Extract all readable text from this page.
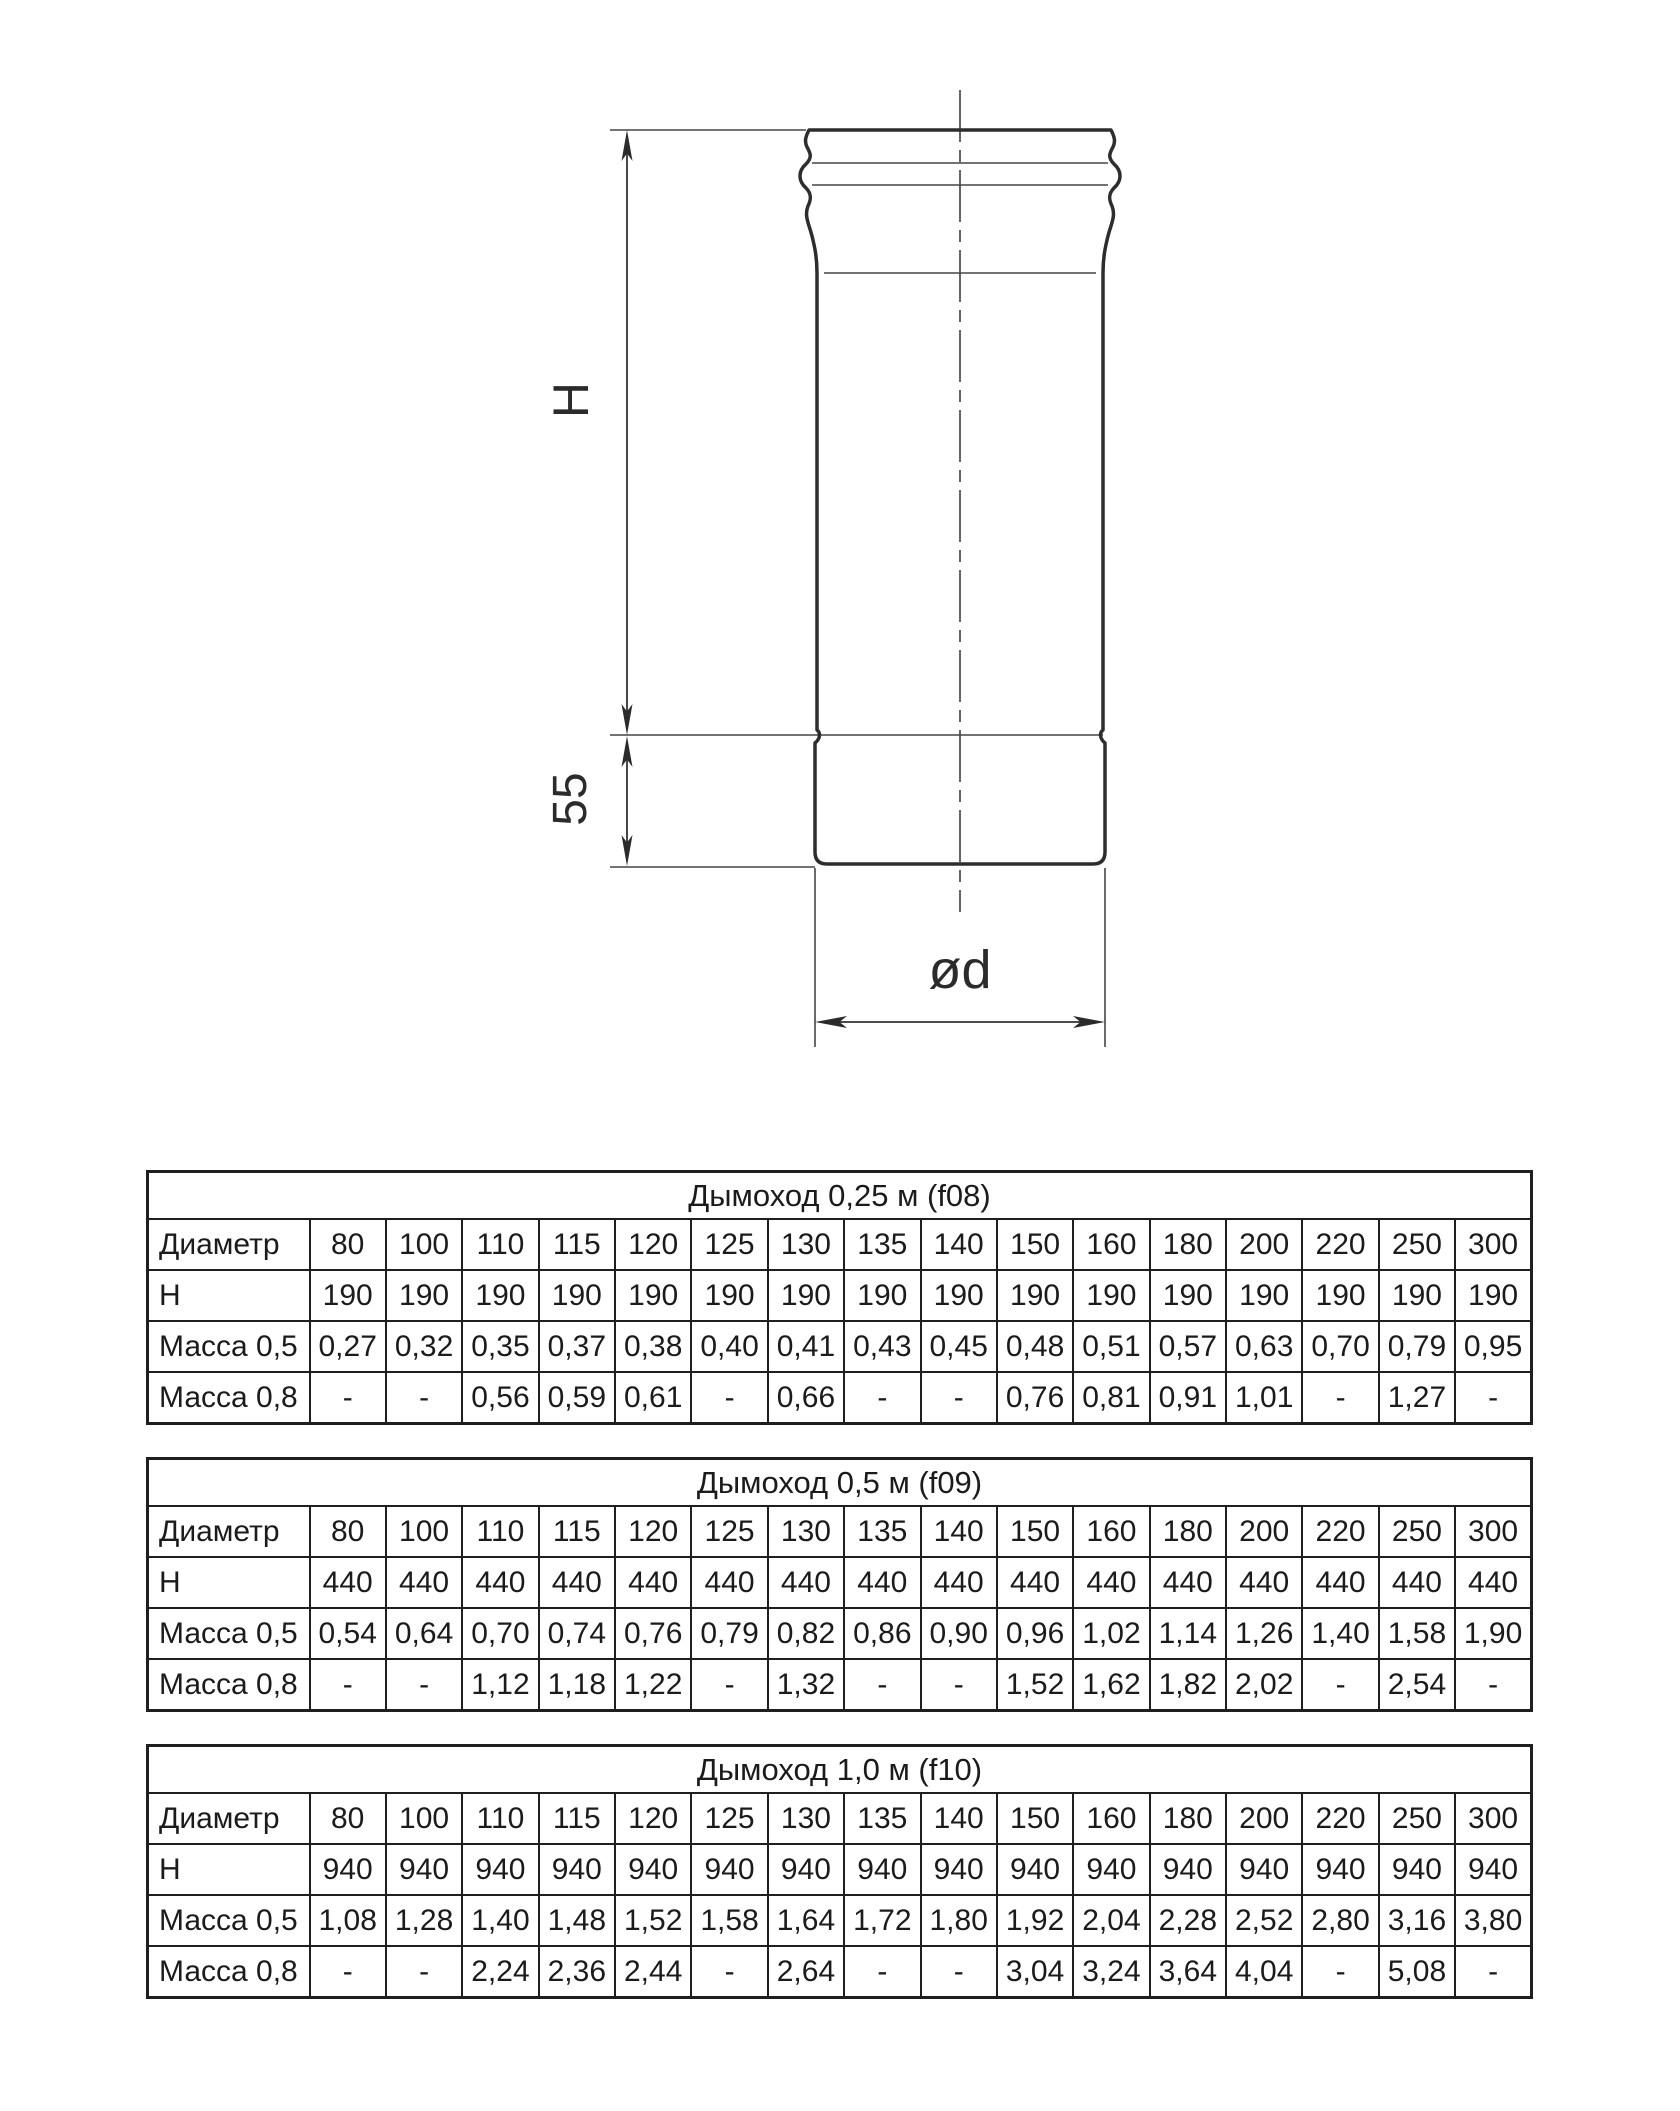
H
55
ød
Дымоход 0,25 м (f08)																
Диаметр	80	100	110	115	120	125	130	135	140	150	160	180	200	220	250	300
Н	190	190	190	190	190	190	190	190	190	190	190	190	190	190	190	190
Масса 0,5	0,27	0,32	0,35	0,37	0,38	0,40	0,41	0,43	0,45	0,48	0,51	0,57	0,63	0,70	0,79	0,95
Масса 0,8	-	-	0,56	0,59	0,61	-	0,66	-	-	0,76	0,81	0,91	1,01	-	1,27	-
Дымоход 0,5 м (f09)																
Диаметр	80	100	110	115	120	125	130	135	140	150	160	180	200	220	250	300
Н	440	440	440	440	440	440	440	440	440	440	440	440	440	440	440	440
Масса 0,5	0,54	0,64	0,70	0,74	0,76	0,79	0,82	0,86	0,90	0,96	1,02	1,14	1,26	1,40	1,58	1,90
Масса 0,8	-	-	1,12	1,18	1,22	-	1,32	-	-	1,52	1,62	1,82	2,02	-	2,54	-
Дымоход 1,0 м (f10)																
Диаметр	80	100	110	115	120	125	130	135	140	150	160	180	200	220	250	300
Н	940	940	940	940	940	940	940	940	940	940	940	940	940	940	940	940
Масса 0,5	1,08	1,28	1,40	1,48	1,52	1,58	1,64	1,72	1,80	1,92	2,04	2,28	2,52	2,80	3,16	3,80
Масса 0,8	-	-	2,24	2,36	2,44	-	2,64	-	-	3,04	3,24	3,64	4,04	-	5,08	-
